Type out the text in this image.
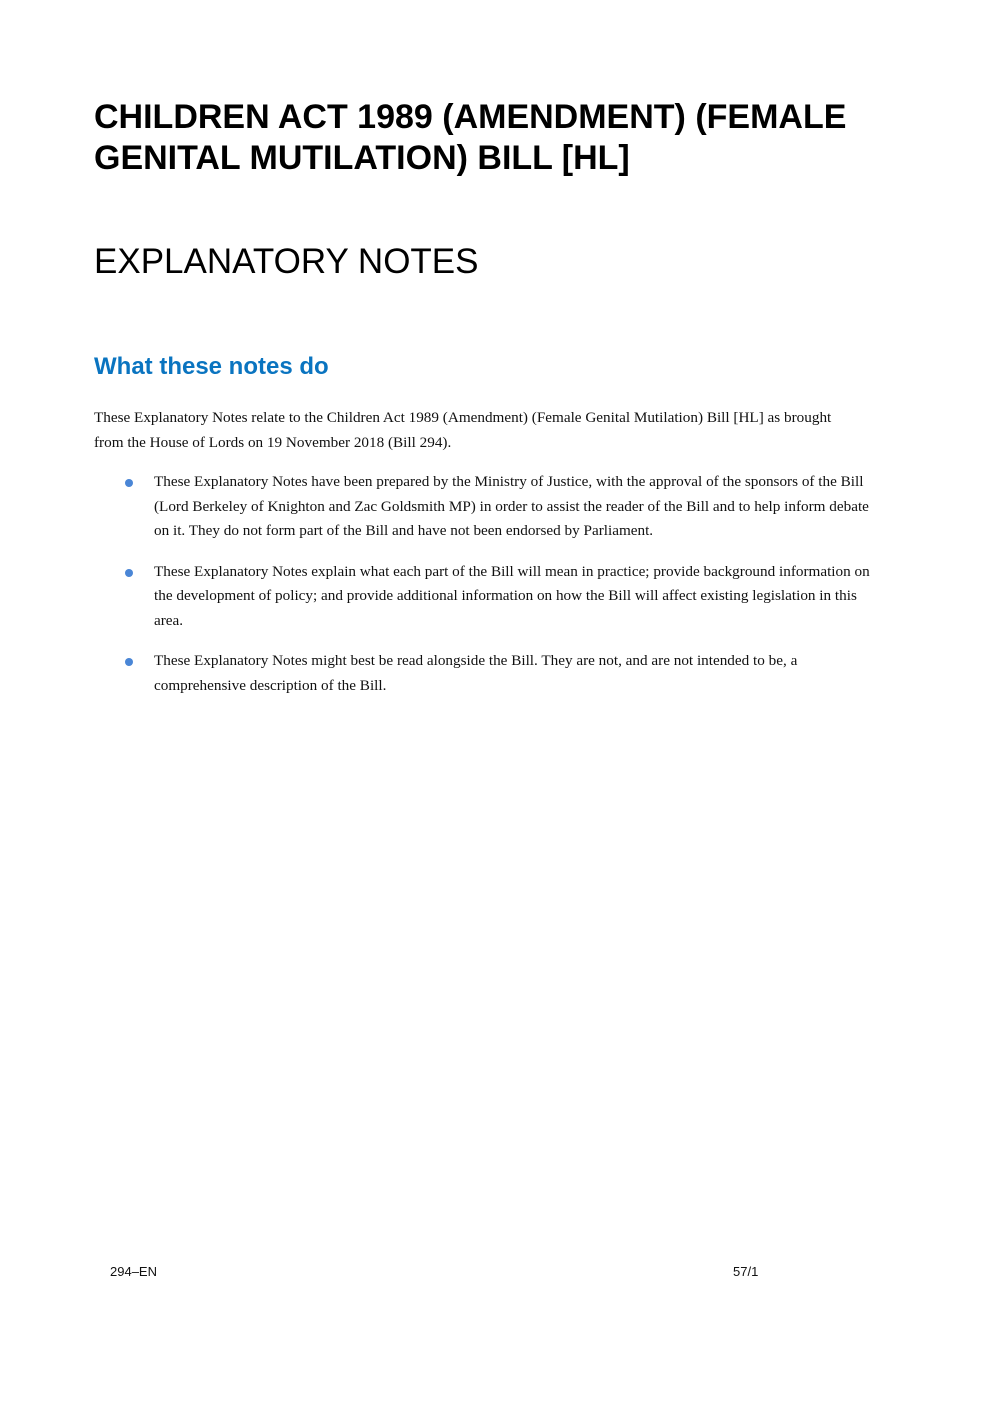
CHILDREN ACT 1989 (AMENDMENT) (FEMALE GENITAL MUTILATION) BILL [HL]
EXPLANATORY NOTES
What these notes do

These Explanatory Notes relate to the Children Act 1989 (Amendment) (Female Genital Mutilation) Bill [HL] as brought from the House of Lords on 19 November 2018 (Bill 294).

These Explanatory Notes have been prepared by the Ministry of Justice, with the approval of the sponsors of the Bill (Lord Berkeley of Knighton and Zac Goldsmith MP) in order to assist the reader of the Bill and to help inform debate on it. They do not form part of the Bill and have not been endorsed by Parliament.
These Explanatory Notes explain what each part of the Bill will mean in practice; provide background information on the development of policy; and provide additional information on how the Bill will affect existing legislation in this area.
These Explanatory Notes might best be read alongside the Bill. They are not, and are not intended to be, a comprehensive description of the Bill.
294–EN	57/1
